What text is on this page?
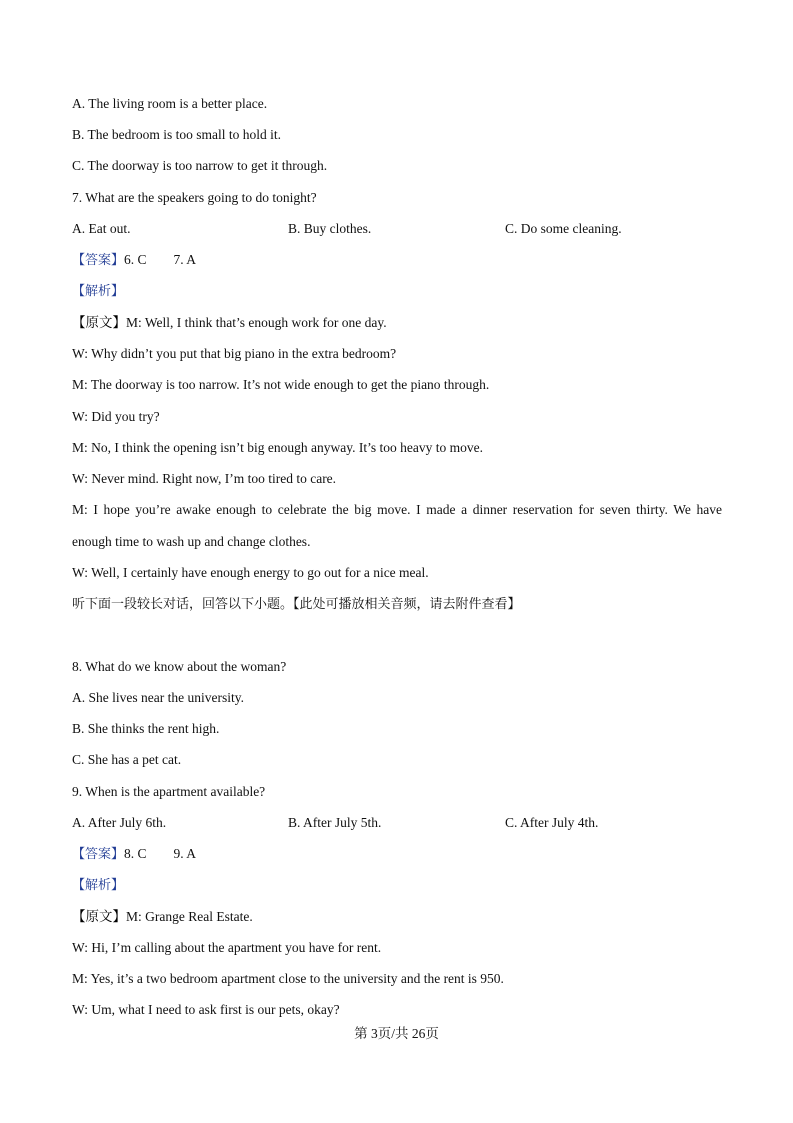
A. The living room is a better place.
B. The bedroom is too small to hold it.
C. The doorway is too narrow to get it through.
7. What are the speakers going to do tonight?
A. Eat out.	B. Buy clothes.	C. Do some cleaning.
【答案】6. C        7. A
【解析】
【原文】M: Well, I think that’s enough work for one day.
W: Why didn’t you put that big piano in the extra bedroom?
M: The doorway is too narrow. It’s not wide enough to get the piano through.
W: Did you try?
M: No, I think the opening isn’t big enough anyway. It’s too heavy to move.
W: Never mind. Right now, I’m too tired to care.
M: I hope you’re awake enough to celebrate the big move. I made a dinner reservation for seven thirty. We have
enough time to wash up and change clothes.
W: Well, I certainly have enough energy to go out for a nice meal.
听下面一段较长对话，回答以下小题。【此处可播放相关音频，请去附件查看】
8. What do we know about the woman?
A. She lives near the university.
B. She thinks the rent high.
C. She has a pet cat.
9. When is the apartment available?
A. After July 6th.	B. After July 5th.	C. After July 4th.
【答案】8. C        9. A
【解析】
【原文】M: Grange Real Estate.
W: Hi, I’m calling about the apartment you have for rent.
M: Yes, it’s a two bedroom apartment close to the university and the rent is 950.
W: Um, what I need to ask first is our pets, okay?
第 3页/共 26页
